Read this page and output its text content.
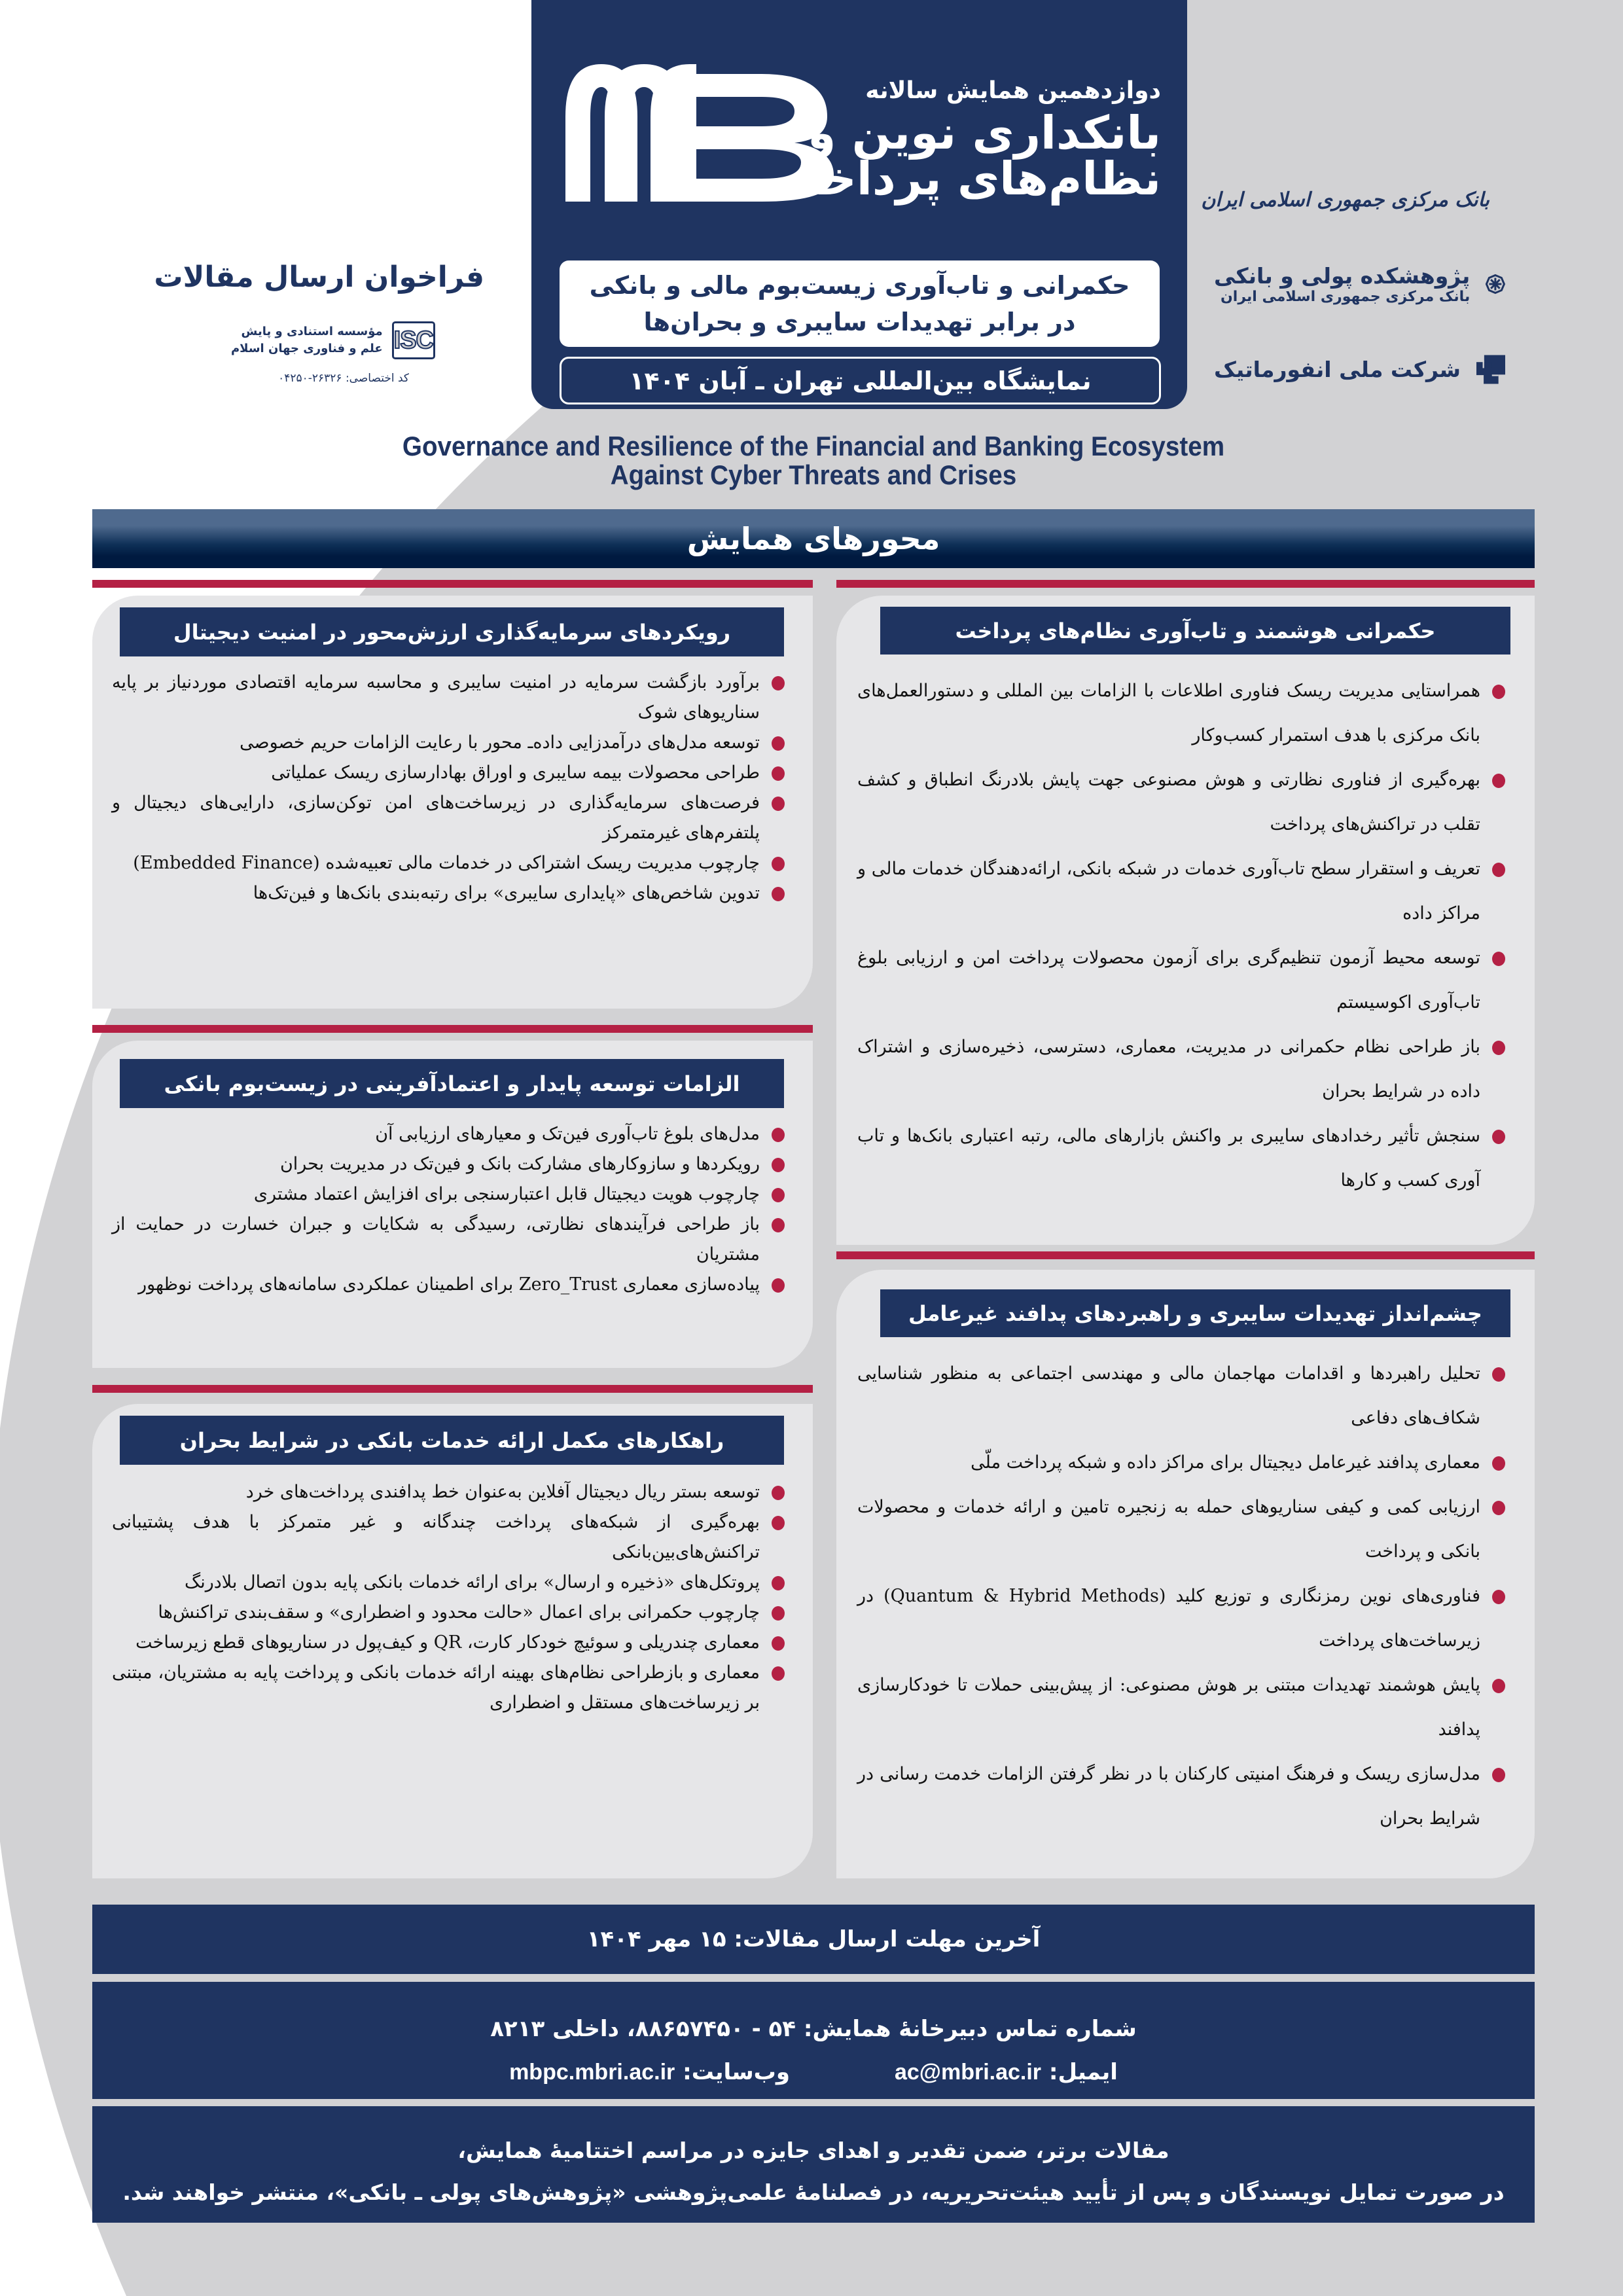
دوازدهمین همایش سالانه
بانکداری نوین و
نظام‌های پرداخت
حکمرانی و تاب‌آوری زیست‌بوم مالی و بانکی
در برابر تهدیدات سایبری و بحران‌ها
نمایشگاه بین‌المللی تهران ـ آبان ۱۴۰۴
بانک مرکزی جمهوری اسلامی ایران
پژوهشکده پولی و بانکی
بانک مرکزی جمهوری اسلامی ایران
شرکت ملی انفورماتیک
فراخوان ارسال مقالات
ISC
مؤسسه استنادی و پایش
علم و فناوری جهان اسلام
کد اختصاصی: ۲۶۳۲۶-۰۴۲۵۰
Governance and Resilience of the Financial and Banking Ecosystem
Against Cyber Threats and Crises
محورهای همایش
حکمرانی هوشمند و تاب‌آوری نظام‌های پرداخت
همراستایی مدیریت ریسک فناوری اطلاعات با الزامات بین المللی و دستورالعمل‌های بانک مرکزی با هدف استمرار کسب‌وکار
بهره‌گیری از فناوری نظارتی و هوش مصنوعی جهت پایش بلادرنگ انطباق و کشف تقلب در تراکنش‌های پرداخت
تعریف و استقرار سطح تاب‌آوری خدمات در شبکه بانکی، ارائه‌دهندگان خدمات مالی و مراکز داده
توسعه محیط آزمون تنظیم‌گری برای آزمون محصولات پرداخت امن و ارزیابی بلوغ تاب‌آوری اکوسیستم
باز طراحی نظام حکمرانی در مدیریت، معماری، دسترسی، ذخیره‌سازی و اشتراک داده در شرایط بحران
سنجش تأثیر رخدادهای سایبری بر واکنش بازارهای مالی، رتبه اعتباری بانک‌ها و تاب آوری کسب و کارها
چشم‌انداز تهدیدات سایبری و راهبردهای پدافند غیرعامل
تحلیل راهبردها و اقدامات مهاجمان مالی و مهندسی اجتماعی به منظور شناسایی شکاف‌های دفاعی
معماری پدافند غیرعامل دیجیتال برای مراکز داده و شبکه پرداخت ملّی
ارزیابی کمی و کیفی سناریوهای حمله به زنجیره تامین و ارائه خدمات و محصولات بانکی و پرداخت
فناوری‌های نوین رمزنگاری و توزیع کلید (Quantum & Hybrid Methods) در زیرساخت‌های پرداخت
پایش هوشمند تهدیدات مبتنی بر هوش مصنوعی: از پیش‌بینی حملات تا خودکارسازی پدافند
مدل‌سازی ریسک و فرهنگ امنیتی کارکنان با در نظر گرفتن الزامات خدمت رسانی در شرایط بحران
رویکردهای سرمایه‌گذاری ارزش‌محور در امنیت دیجیتال
برآورد بازگشت سرمایه در امنیت سایبری و محاسبه سرمایه اقتصادی موردنیاز بر پایه سناریوهای شوک
توسعه مدل‌های درآمدزایی داده‌ـ محور با رعایت الزامات حریم خصوصی
طراحی محصولات بیمه سایبری و اوراق بهادارسازی ریسک عملیاتی
فرصت‌های سرمایه‌گذاری در زیرساخت‌های امن توکن‌سازی، دارایی‌های دیجیتال و پلتفرم‌های غیرمتمرکز
چارچوب مدیریت ریسک اشتراکی در خدمات مالی تعبیه‌شده (Embedded Finance)
تدوین شاخص‌های «پایداری سایبری» برای رتبه‌بندی بانک‌ها و فین‌تک‌ها
الزامات توسعه پایدار و اعتمادآفرینی در زیست‌بوم بانکی
مدل‌های بلوغ تاب‌آوری فین‌تک و معیارهای ارزیابی آن
رویکردها و سازوکارهای مشارکت بانک و فین‌تک در مدیریت بحران
چارچوب هویت دیجیتال قابل اعتبارسنجی برای افزایش اعتماد مشتری
باز طراحی فرآیندهای نظارتی، رسیدگی به شکایات و جبران خسارت در حمایت از مشتریان
پیاده‌سازی معماری Zero‌_Trust برای اطمینان عملکردی سامانه‌های پرداخت نوظهور
راهکارهای مکمل ارائه خدمات بانکی در شرایط بحران
توسعه بستر ریال دیجیتال آفلاین به‌عنوان خط پدافندی پرداخت‌های خرد
بهره‌گیری از شبکه‌های پرداخت چندگانه و غیر متمرکز با هدف پشتیبانی تراکنش‌های‌بین‌بانکی
پروتکل‌های «ذخیره و ارسال» برای ارائه خدمات بانکی پایه بدون اتصال بلادرنگ
چارچوب حکمرانی برای اعمال «حالت محدود و اضطراری» و سقف‌بندی تراکنش‌ها
معماری چندریلی و سوئیچ خودکار کارت، QR و کیف‌پول در سناریوهای قطع زیرساخت
معماری و بازطراحی نظام‌های بهینه ارائه خدمات بانکی و پرداخت پایه به مشتریان، مبتنی بر زیرساخت‌های مستقل و اضطراری
آخرین مهلت ارسال مقالات: ۱۵ مهر ۱۴۰۴
شماره تماس دبیرخانهٔ همایش: ۵۴ - ۸۸۶۵۷۴۵۰، داخلی ۸۲۱۳
ایمیل: ac@mbri.ac.ir
وب‌سایت: mbpc.mbri.ac.ir
مقالات برتر، ضمن تقدیر و اهدای جایزه در مراسم اختتامیهٔ همایش،
در صورت تمایل نویسندگان و پس از تأیید هیئت‌تحریریه، در فصلنامهٔ علمی‌پژوهشی «پژوهش‌های پولی ـ بانکی»، منتشر خواهند شد.
